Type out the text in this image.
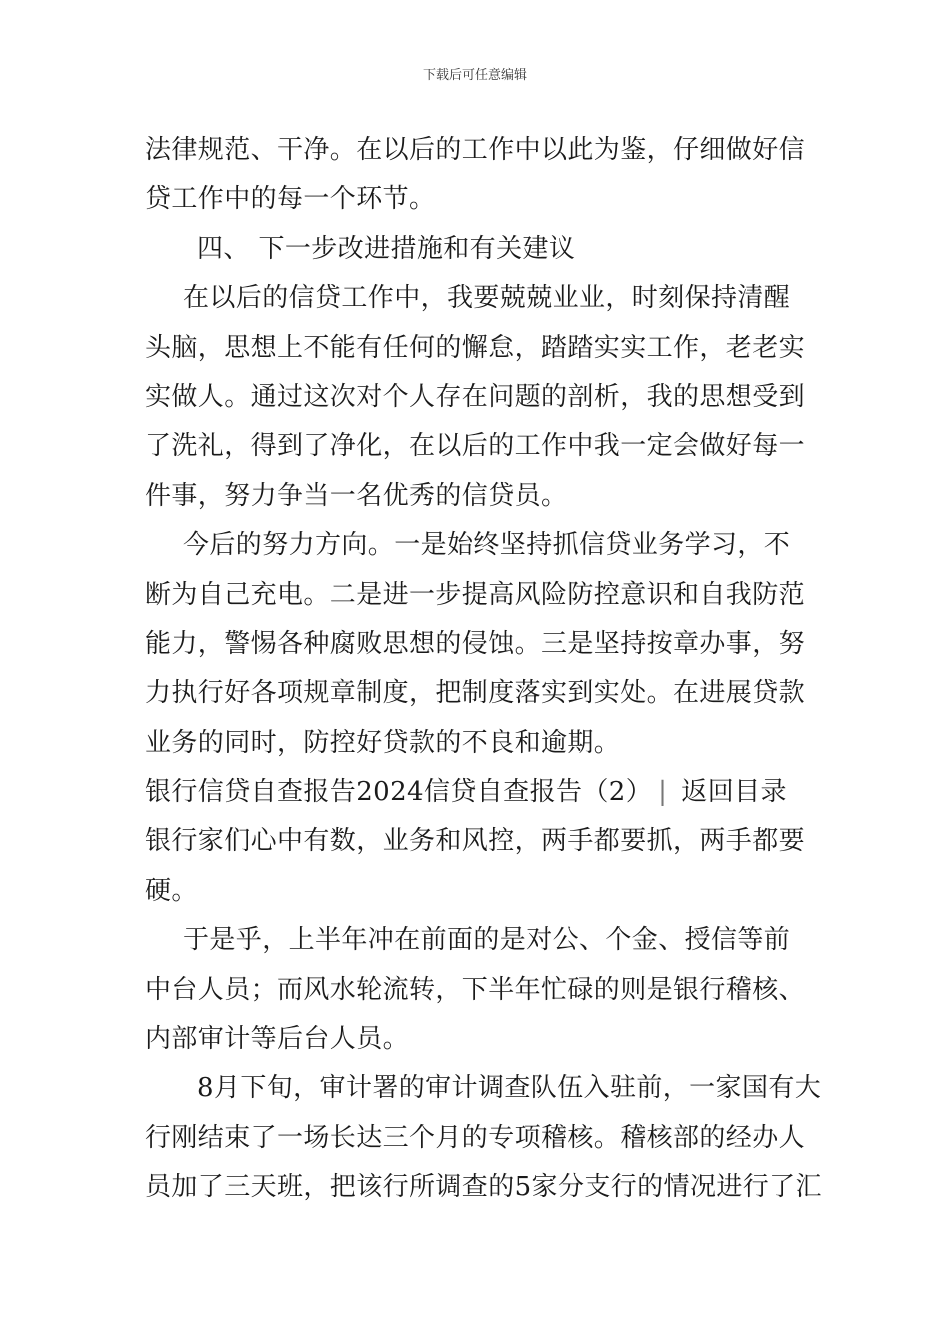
下载后可任意编辑
法律规范、干净。在以后的工作中以此为鉴，仔细做好信
贷工作中的每一个环节。
四、 下一步改进措施和有关建议
在以后的信贷工作中，我要兢兢业业，时刻保持清醒
头脑，思想上不能有任何的懈怠，踏踏实实工作，老老实
实做人。通过这次对个人存在问题的剖析，我的思想受到
了洗礼，得到了净化，在以后的工作中我一定会做好每一
件事，努力争当一名优秀的信贷员。
今后的努力方向。一是始终坚持抓信贷业务学习，不
断为自己充电。二是进一步提高风险防控意识和自我防范
能力，警惕各种腐败思想的侵蚀。三是坚持按章办事，努
力执行好各项规章制度，把制度落实到实处。在进展贷款
业务的同时，防控好贷款的不良和逾期。
银行信贷自查报告2024信贷自查报告（2） | 返回目录
银行家们心中有数，业务和风控，两手都要抓，两手都要
硬。
于是乎，上半年冲在前面的是对公、个金、授信等前
中台人员；而风水轮流转，下半年忙碌的则是银行稽核、
内部审计等后台人员。
8月下旬，审计署的审计调查队伍入驻前，一家国有大
行刚结束了一场长达三个月的专项稽核。稽核部的经办人
员加了三天班，把该行所调查的5家分支行的情况进行了汇
